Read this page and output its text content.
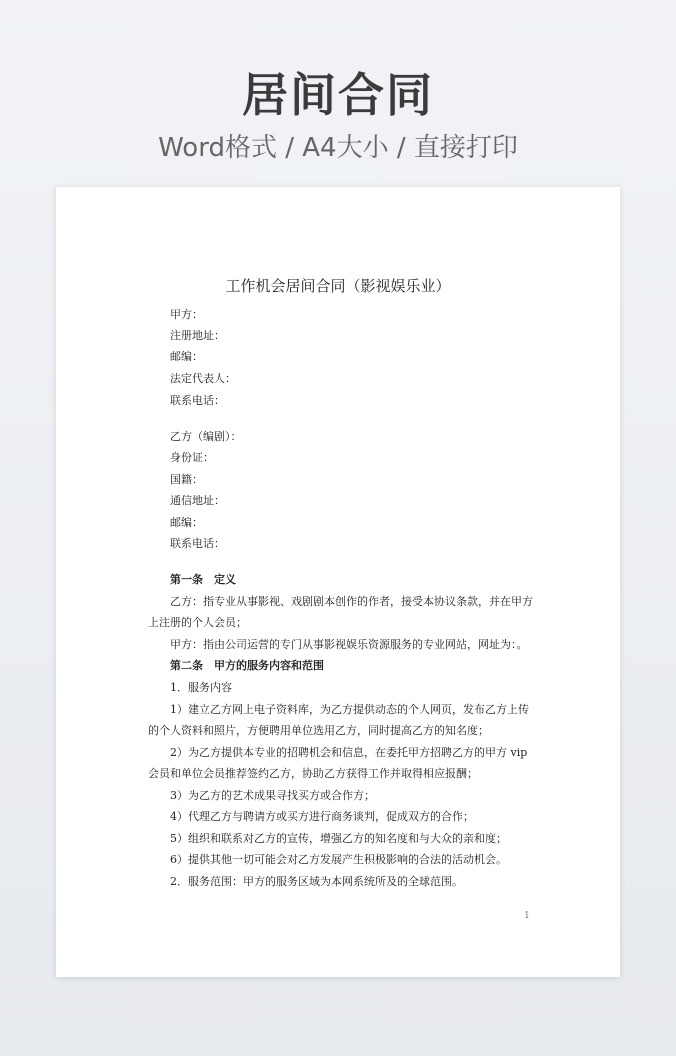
居间合同
Word格式 / A4大小 / 直接打印
工作机会居间合同（影视娱乐业）
甲方：
注册地址：
邮编：
法定代表人：
联系电话：
乙方（编剧）：
身份证：
国籍：
通信地址：
邮编：
联系电话：
第一条　定义
乙方：指专业从事影视、戏剧剧本创作的作者，接受本协议条款，并在甲方
上注册的个人会员；
甲方：指由公司运营的专门从事影视娱乐资源服务的专业网站，网址为：。
第二条　甲方的服务内容和范围
1．服务内容
1）建立乙方网上电子资料库，为乙方提供动态的个人网页，发布乙方上传
的个人资料和照片，方便聘用单位选用乙方，同时提高乙方的知名度；
2）为乙方提供本专业的招聘机会和信息，在委托甲方招聘乙方的甲方 vip
会员和单位会员推荐签约乙方，协助乙方获得工作并取得相应报酬；
3）为乙方的艺术成果寻找买方或合作方；
4）代理乙方与聘请方或买方进行商务谈判，促成双方的合作；
5）组织和联系对乙方的宣传，增强乙方的知名度和与大众的亲和度；
6）提供其他一切可能会对乙方发展产生积极影响的合法的活动机会。
2．服务范围：甲方的服务区域为本网系统所及的全球范围。
1
